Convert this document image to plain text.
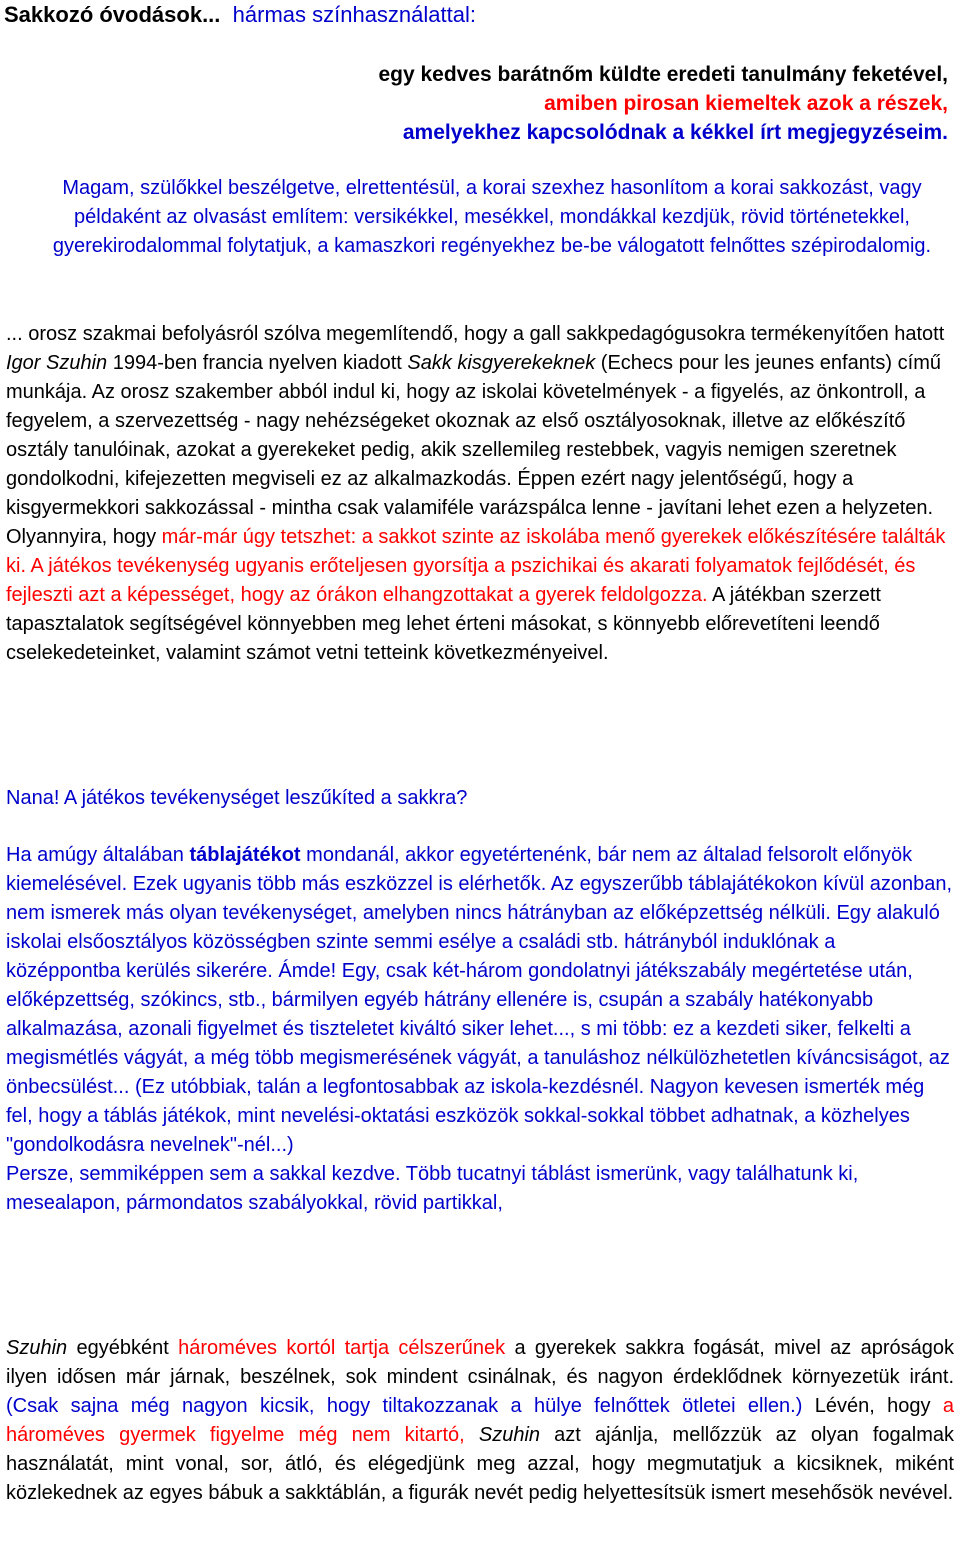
Sakkozó óvodások... hármas színhasználattal:
egy kedves barátnőm küldte eredeti tanulmány feketével,
amiben pirosan kiemeltek azok a részek,
amelyekhez kapcsolódnak a kékkel írt megjegyzéseim.

Magam, szülőkkel beszélgetve, elrettentésül, a korai szexhez hasonlítom a korai sakkozást, vagy példaként az olvasást említem: versikékkel, mesékkel, mondákkal kezdjük, rövid történetekkel, gyerekirodalommal folytatjuk, a kamaszkori regényekhez be-be válogatott felnőttes szépirodalomig.

... orosz szakmai befolyásról szólva megemlítendő, hogy a gall sakkpedagógusokra termékenyítően hatott Igor Szuhin 1994-ben francia nyelven kiadott Sakk kisgyerekeknek (Echecs pour les jeunes enfants) című munkája. Az orosz szakember abból indul ki, hogy az iskolai követelmények - a figyelés, az önkontroll, a fegyelem, a szervezettség - nagy nehézségeket okoznak az első osztályosoknak, illetve az előkészítő osztály tanulóinak, azokat a gyerekeket pedig, akik szellemileg restebbek, vagyis nemigen szeretnek gondolkodni, kifejezetten megviseli ez az alkalmazkodás. Éppen ezért nagy jelentőségű, hogy a kisgyermekkori sakkozással - mintha csak valamiféle varázspálca lenne - javítani lehet ezen a helyzeten.

Olyannyira, hogy már-már úgy tetszhet: a sakkot szinte az iskolába menő gyerekek előkészítésére találták ki. A játékos tevékenység ugyanis erőteljesen gyorsítja a pszichikai és akarati folyamatok fejlődését, és fejleszti azt a képességet, hogy az órákon elhangzottakat a gyerek feldolgozza. A játékban szerzett tapasztalatok segítségével könnyebben meg lehet érteni másokat, s könnyebb előrevetíteni leendő cselekedeteinket, valamint számot vetni tetteink következményeivel.

Nana! A játékos tevékenységet leszűkíted a sakkra?

Ha amúgy általában táblajátékot mondanál, akkor egyetértenénk, bár nem az általad felsorolt előnyök kiemelésével. Ezek ugyanis több más eszközzel is elérhetők. Az egyszerűbb táblajátékokon kívül azonban, nem ismerek más olyan tevékenységet, amelyben nincs hátrányban az előképzettség nélküli. Egy alakuló iskolai elsőosztályos közösségben szinte semmi esélye a családi stb. hátrányból induklónak a középpontba kerülés sikerére. Ámde! Egy, csak két-három gondolatnyi játékszabály megértetése után, előképzettség, szókincs, stb., bármilyen egyéb hátrány ellenére is, csupán a szabály hatékonyabb alkalmazása, azonali figyelmet és tiszteletet kiváltó siker lehet..., s mi több: ez a kezdeti siker, felkelti a megismétlés vágyát, a még több megismerésének vágyát, a tanuláshoz nélkülözhetetlen kíváncsiságot, az önbecsülést... (Ez utóbbiak, talán a legfontosabbak az iskola-kezdésnél. Nagyon kevesen ismerték még fel, hogy a táblás játékok, mint nevelési-oktatási eszközök sokkal-sokkal többet adhatnak, a közhelyes "gondolkodásra nevelnek"-nél...)

Persze, semmiképpen sem a sakkal kezdve. Több tucatnyi táblást ismerünk, vagy találhatunk ki, mesealapon, pármondatos szabályokkal, rövid partikkal,

Szuhin egyébként hároméves kortól tartja célszerűnek a gyerekek sakkra fogását, mivel az apróságok ilyen idősen már járnak, beszélnek, sok mindent csinálnak, és nagyon érdeklődnek környezetük iránt. (Csak sajna még nagyon kicsik, hogy tiltakozzanak a hülye felnőttek ötletei ellen.) Lévén, hogy a hároméves gyermek figyelme még nem kitartó, Szuhin azt ajánlja, mellőzzük az olyan fogalmak használatát, mint vonal, sor, átló, és elégedjünk meg azzal, hogy megmutatjuk a kicsiknek, miként közlekednek az egyes bábuk a sakktáblán, a figurák nevét pedig helyettesítsük ismert mesehősök nevével.
